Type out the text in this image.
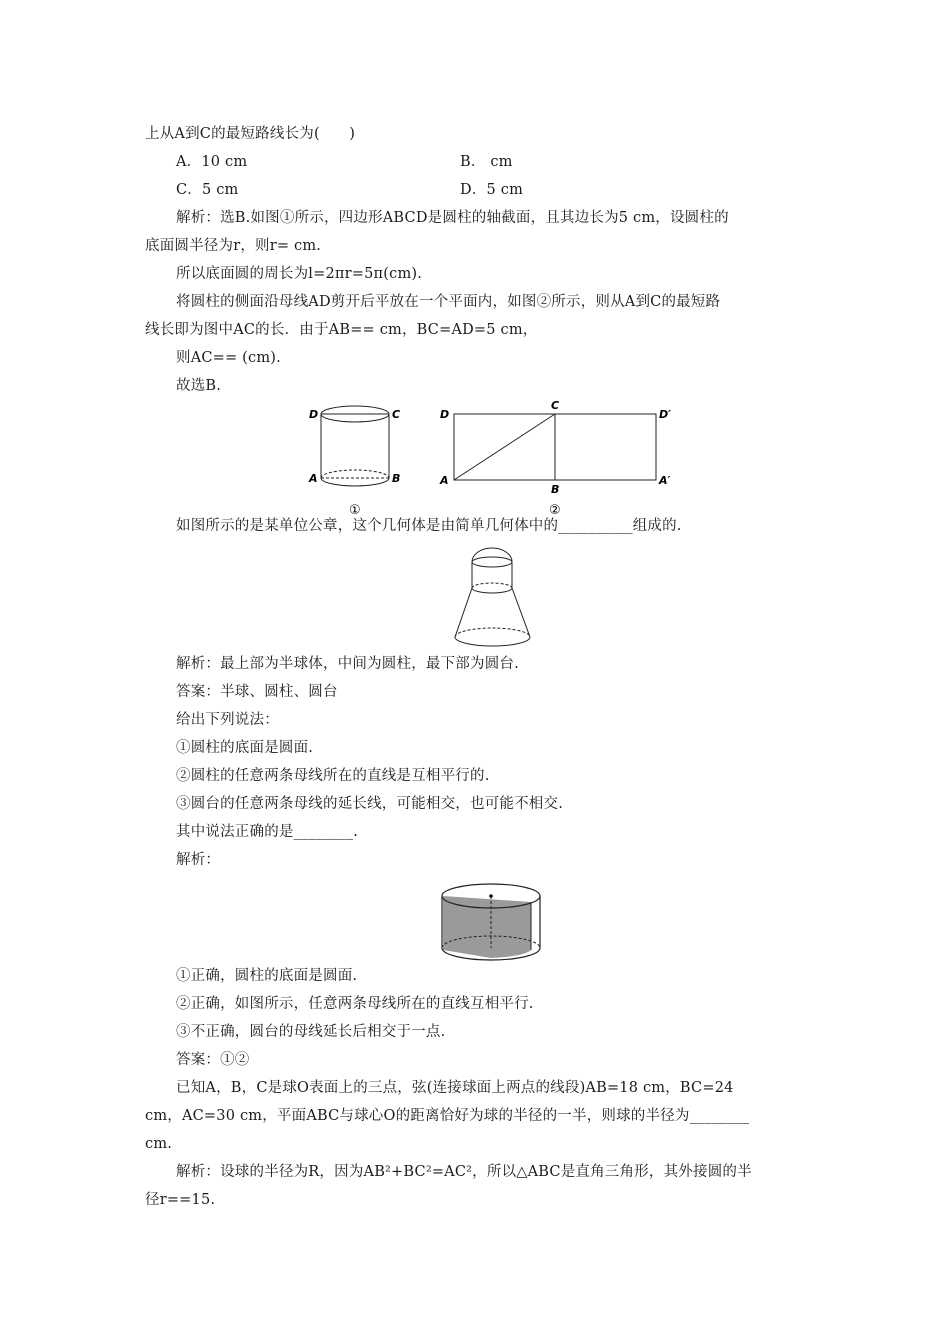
上从A到C的最短路线长为(　　)
A．10 cm	B． cm
C．5 cm	D．5 cm
解析：选B.如图①所示，四边形ABCD是圆柱的轴截面，且其边长为5 cm，设圆柱的
底面圆半径为r，则r= cm.
所以底面圆的周长为l=2πr=5π(cm).
将圆柱的侧面沿母线AD剪开后平放在一个平面内，如图②所示，则从A到C的最短路
线长即为图中AC的长．由于AB== cm，BC=AD=5 cm，
则AC== (cm).
故选B.
D	C
A	B
①
D
C
D′
A
B
A′
②
如图所示的是某单位公章，这个几何体是由简单几何体中的__________组成的.
解析：最上部为半球体，中间为圆柱，最下部为圆台.
答案：半球、圆柱、圆台
给出下列说法：
①圆柱的底面是圆面.
②圆柱的任意两条母线所在的直线是互相平行的.
③圆台的任意两条母线的延长线，可能相交，也可能不相交.
其中说法正确的是________.
解析：
①正确，圆柱的底面是圆面.
②正确，如图所示，任意两条母线所在的直线互相平行.
③不正确，圆台的母线延长后相交于一点.
答案：①②
已知A，B，C是球O表面上的三点，弦(连接球面上两点的线段)AB=18 cm，BC=24
cm，AC=30 cm，平面ABC与球心O的距离恰好为球的半径的一半，则球的半径为________
cm.
解析：设球的半径为R，因为AB²+BC²=AC²，所以△ABC是直角三角形，其外接圆的半
径r==15.
